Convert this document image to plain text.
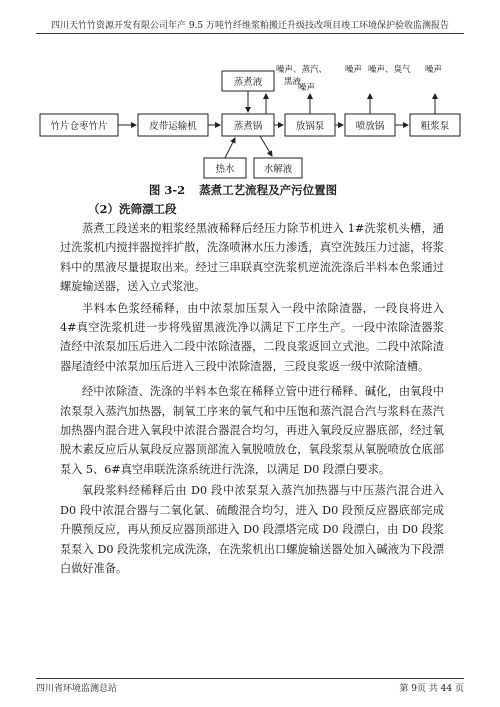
四川天竹竹资源开发有限公司年产 9.5 万吨竹纤维浆粕搬迁升级技改项目竣工环境保护验收监测报告
竹片仓枣竹片	皮带运输机	蒸煮锅	放锅泵	喷放锅	粗浆泵
蒸煮液
热水	水解液
噪声、蒸汽、
黑液
噪声
噪声 噪声、臭气 噪声
图 3-2 蒸煮工艺流程及产污位置图
（2）洗筛漂工段

蒸煮工段送来的粗浆经黑液稀释后经压力除节机进入 1#洗浆机头槽，通过洗浆机内搅拌器搅拌扩散，洗涤喷淋水压力渗透，真空洗鼓压力过滤，将浆料中的黑液尽量提取出来。经过三串联真空洗浆机逆流洗涤后半料本色浆通过螺旋输送器，送入立式浆池。

半料本色浆经稀释，由中浓泵加压泵入一段中浓除渣器，一段良将进入 4#真空洗浆机进一步将残留黑液洗净以满足下工序生产。一段中浓除渣器浆渣经中浓泵加压后进入二段中浓除渣器，二段良浆返回立式池。二段中浓除渣器尾渣经中浓泵加压后进入三段中浓除渣器，三段良浆返一级中浓除渣槽。

经中浓除渣、洗涤的半料本色浆在稀释立管中进行稀释、碱化，由氧段中浓泵泵入蒸汽加热器，制氧工序来的氧气和中压饱和蒸汽混合汽与浆料在蒸汽加热器内混合进入氧段中浓混合器混合均匀，再进入氧段反应器底部，经过氧脱木素反应后从氧段反应器顶部流入氧脱喷放仓，氧段浆泵从氧脱喷放仓底部泵入 5、6#真空串联洗涤系统进行洗涤，以满足 D0 段漂白要求。

氧段浆料经稀释后由 D0 段中浓泵泵入蒸汽加热器与中压蒸汽混合进入 D0 段中浓混合器与二氧化氯、硫酸混合均匀，进入 D0 段预反应器底部完成升膜预反应，再从预反应器顶部进入 D0 段漂塔完成 D0 段漂白，由 D0 段浆泵泵入 D0 段洗浆机完成洗涤，在洗浆机出口螺旋输送器处加入碱液为下段漂白做好准备。

四川省环境监测总站	第 9页 共 44 页
